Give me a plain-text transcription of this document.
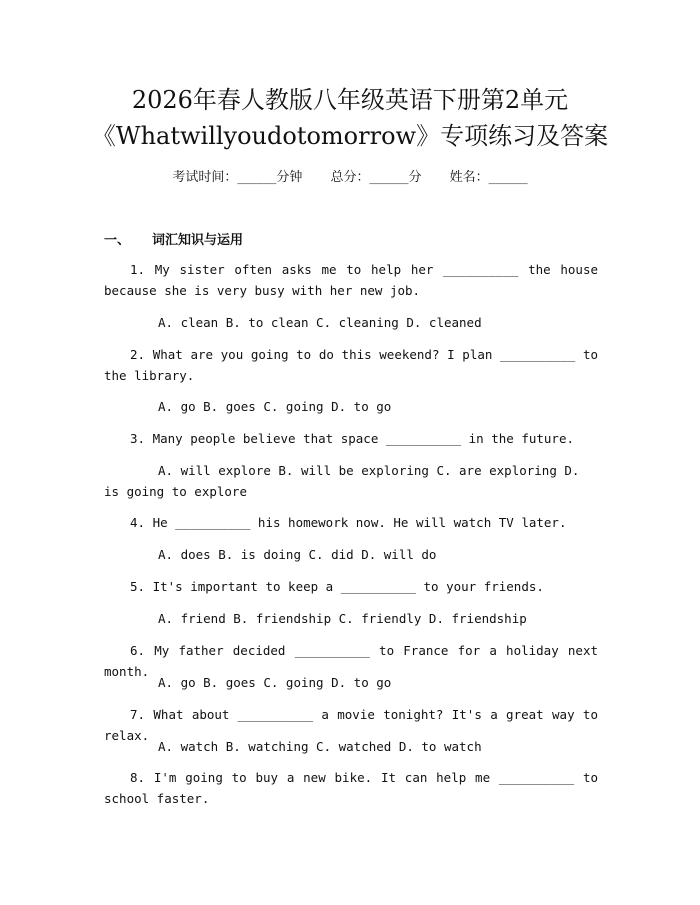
2026年春人教版八年级英语下册第2单元
《Whatwillyoudotomorrow》专项练习及答案
考试时间：______分钟 总分：______分 姓名：______
一、 词汇知识与运用
1. My sister often asks me to help her __________ the house because she is very busy with her new job.
A. clean B. to clean C. cleaning D. cleaned
2. What are you going to do this weekend? I plan __________ to the library.
A. go B. goes C. going D. to go
3. Many people believe that space __________ in the future.
A. will explore B. will be exploring C. are exploring D. is going to explore
4. He __________ his homework now. He will watch TV later.
A. does B. is doing C. did D. will do
5. It's important to keep a __________ to your friends.
A. friend B. friendship C. friendly D. friendship
6. My father decided __________ to France for a holiday next month.
A. go B. goes C. going D. to go
7. What about __________ a movie tonight? It's a great way to relax.
A. watch B. watching C. watched D. to watch
8. I'm going to buy a new bike. It can help me __________ to school faster.
